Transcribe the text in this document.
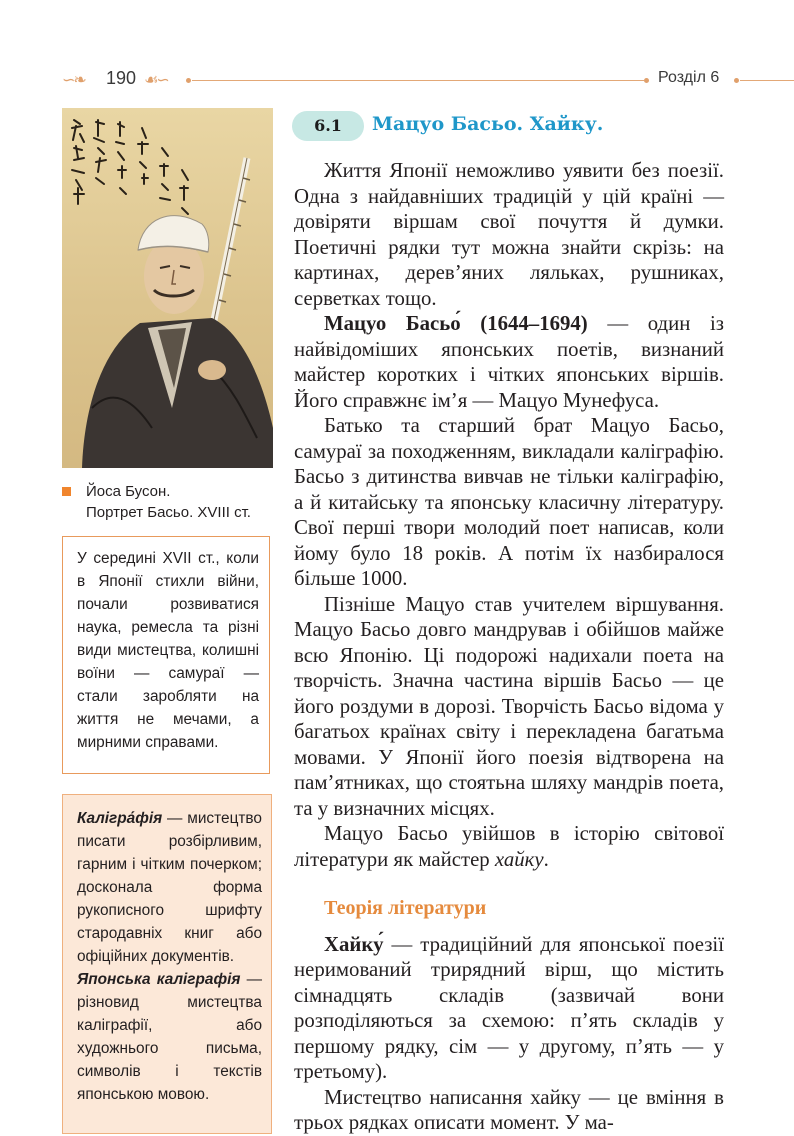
∽❧ 190 ☙∽	Розділ 6
Йоса Бусон.
Портрет Басьо. XVIII ст.
У середині XVII ст., коли в Японії стихли війни, почали розвиватися наука, ремесла та різні види мистецтва, колишні воїни — самураї — стали заробляти на життя не мечами, а мирними справами.
Калігра́фія — мистецтво писати розбірливим, гарним і чітким почерком; досконала форма рукописного шрифту стародавніх книг або офіційних документів.
Японська каліграфія — різновид мистецтва каліграфії, або художнього письма, символів і текстів японською мовою.
6.1	Мацуо Басьо. Хайку.

Життя Японії неможливо уявити без поезії. Одна з найдавніших традицій у цій країні — довіряти віршам свої почуття й думки. Поетичні рядки тут можна знайти скрізь: на картинах, дерев’яних ляльках, рушниках, серветках тощо.

Мацуо Басьо́ (1644–1694) — один із найвідоміших японських поетів, визнаний майстер коротких і чітких японських віршів. Його справжнє ім’я — Мацуо Мунефуса.

Батько та старший брат Мацуо Басьо, самураї за походженням, викладали каліграфію. Басьо з дитинства вивчав не тільки каліграфію, а й китайську та японську класичну літературу. Свої перші твори молодий поет написав, коли йому було 18 років. А потім їх назбиралося більше 1000.

Пізніше Мацуо став учителем віршування. Мацуо Басьо довго мандрував і обійшов майже всю Японію. Ці подорожі надихали поета на творчість. Значна частина віршів Басьо — це його роздуми в дорозі. Творчість Басьо відома у багатьох країнах світу і перекладена багатьма мовами. У Японії його поезія відтворена на пам’ятниках, що стоятьна шляху мандрів поета, та у визначних місцях.

Мацуо Басьо увійшов в історію світової літератури як майстер хайку.

Теорія літератури

Хайку́ — традиційний для японської поезії неримований трирядний вірш, що містить сімнадцять складів (зазвичай вони розподіляються за схемою: п’ять складів у першому рядку, сім — у другому, п’ять — у третьому).

Мистецтво написання хайку — це вміння в трьох рядках описати момент. У ма-
